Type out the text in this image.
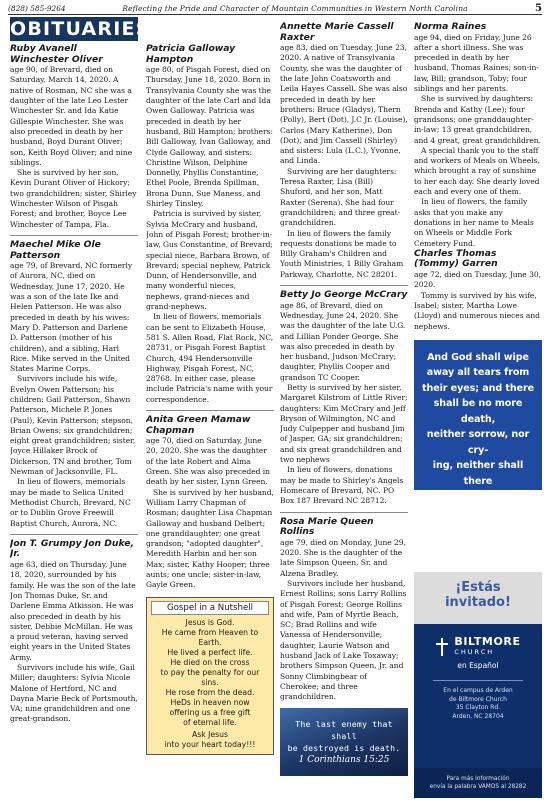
(828) 585-9264	Reflecting the Pride and Character of Mountain Communities in Western North Carolina	5
OBITUARIES
Ruby Avanell Winchester Oliver

age 90, of Brevard, died on Saturday, March 14, 2020. A native of Rosman, NC she was a daughter of the late Leo Lester Winchester Sr. and Ida Katie Gillespie Winchester. She was also preceded in death by her husband, Boyd Durant Oliver; son, Keith Boyd Oliver; and nine siblings.

She is survived by her son, Kevin Durant Oliver of Hickory; two grandchildren; sister, Shirley Winchester Wilson of Pisgah Forest; and brother, Boyce Lee Winchester of Tampa, Fla.

Maechel Mike Ole Patterson

age 79, of Brevard, NC formerly of Aurora, NC, died on Wednesday, June 17, 2020. He was a son of the late Ike and Helen Patterson. He was also preceded in death by his wives: Mary D. Patterson and Darlene D. Patterson (mother of his children), and a sibling, Harl Rice. Mike served in the United States Marine Corps.

Survivors include his wife, Evelyn Owen Patterson; his children: Gail Patterson, Shawn Patterson, Michele P. Jones (Paul), Kevin Patterson; stepson, Brian Owens; six grandchildren; eight great grandchildren; sister, Joyce Hillaker Brock of Dickerson, TN and brother, Tom Newman of Jacksonville, FL.

In lieu of flowers, memorials may be made to Selica United Methodist Church, Brevard, NC or to Dublin Grove Freewill Baptist Church, Aurora, NC.

Jon T. Grumpy Jon Duke, Jr.

age 63, died on Thursday, June 18, 2020, surrounded by his family. He was the son of the late Jon Thomas Duke, Sr. and Darlene Emma Atkisson. He was also preceded in death by his sister, Debbie McMillan. He was a proud veteran, having served eight years in the United States Army.

Survivors include his wife, Gail Miller; daughters: Sylvia Nicole Malone of Hertford, NC and Dayna Marie Beck of Portsmouth, VA; nine grandchildren and one great-grandson.

Patricia Galloway Hampton

age 80, of Pisgah Forest, died on Thursday, June 18, 2020. Born in Transylvania County she was the daughter of the late Carl and Ida Owen Galloway. Patricia was preceded in death by her husband, Bill Hampton; brothers: Bill Galloway, Ivan Galloway, and Clyde Galloway, and sisters: Christine Wilson, Delphine Donnelly, Phyllis Constantine, Ethel Poole, Brenda Spillman, Brona Dunn, Sue Maness, and Shirley Tinsley.

Patricia is survived by sister, Sylvia McCrary and husband, John of Pisgah Forest; brother-in-law, Gus Constantine, of Brevard; special niece, Barbara Brown, of Brevard; special nephew, Patrick Dunn, of Hendersonville, and many wonderful nieces, nephews, grand-nieces and grand-nephews.

In lieu of flowers, memorials can be sent to Elizabeth House, 581 S. Allen Road, Flat Rock, NC, 28731, or Pisgah Forest Baptist Church, 494 Hendersonville Highway, Pisgah Forest, NC, 28768. In either case, please include Patricia's name with your correspondence.

Anita Green Mamaw Chapman

age 70, died on Saturday, June 20, 2020. She was the daughter of the late Robert and Alma Green. She was also preceded in death by her sister, Lynn Green.

She is survived by her husband, William Larry Chapman of Rosman; daughter Lisa Chapman Galloway and husband Delbert; one granddaughter; one great grandson; "adopted daughter", Meredith Harbin and her son Max; sister, Kathy Hooper; three aunts; one uncle; sister-in-law, Gayle Green.

Gospel in a Nutshell
Jesus is God.
He came from Heaven to Earth.
He lived a perfect life.
He died on the cross
to pay the penalty for our sins.
He rose from the dead.
HeDs in heaven now
offering us a free gift
of eternal life.
Ask Jesus
into your heart today!!!
Annette Marie Cassell Raxter

age 83, died on Tuesday, June 23, 2020. A native of Transylvania County, she was the daughter of the late John Coatsworth and Leila Hayes Cassell. She was also preceded in death by her brothers: Bruce (Gladys), Thern (Polly), Bert (Dot), J.C Jr. (Louise), Carlos (Mary Katherine), Don (Dot), and Jim Cassell (Shirley) and sisters: Lula (L.C.), Yvonne, and Linda.

Surviving are her daughters: Teresa Raxter, Lisa (Bill) Shuford, and her son, Matt Raxter (Serena). She had four grandchildren; and three great-grandchildren.

In lieu of flowers the family requests donations be made to Billy Graham's Children and Youth Ministries, 1 Billy Graham Parkway, Charlotte, NC 28201.

Betty Jo George McCrary

age 86, of Brevard, died on Wednesday, June 24, 2020. She was the daughter of the late U.G. and Lillian Ponder George. She was also preceded in death by her husband, Judson McCrary; daughter, Phyllis Cooper and grandson TC Cooper.

Betty is survived by her sister, Margaret Kilstrom of Little River; daughters: Kim McCrary and Jeff Bryson of Wilmington, NC and Judy Culpepper and husband Jim of Jasper, GA; six grandchildren; and six great grandchildren and two nephews

In lieu of flowers, donations may be made to Shirley's Angels Homecare of Brevard, NC. PO Box 187 Brevard NC 28712.

Rosa Marie Queen Rollins

age 79, died on Monday, June 29, 2020. She is the daughter of the late Simpson Queen, Sr. and Alzena Bradley.

Survivors include her husband, Ernest Rollins; sons Larry Rollins of Pisgah Forest; George Rollins and wife, Pam of Myrtle Beach, SC; Brad Rollins and wife Vanessa of Hendersonville; daughter, Laurie Watson and husband Jack of Lake Toxaway; brothers Simpson Queen, Jr. and Sonny Climbingbear of Cherokee; and three grandchildren.

The last enemy that shall
be destroyed is death.
1 Corinthians 15:25
Norma Raines

age 94, died on Friday, June 26 after a short illness. She was preceded in death by her husband, Thomas Raines; son-in-law, Bill; grandson, Toby; four siblings and her parents.

She is survived by daughters: Brenda and Kathy (Lee); four grandsons; one granddaughter-in-law; 13 great grandchildren, and 4 great, great grandchildren.

A special thank you to the staff and workers of Meals on Wheels, which brought a ray of sunshine to her each day. She dearly loved each and every one of them.

In lieu of flowers, the family asks that you make any donations in her name to Meals on Wheels or Middle Fork Cemetery Fund.

Charles Thomas (Tommy) Garren

age 72, died on Tuesday, June 30, 2020.

Tommy is survived by his wife, Isabel; sister, Martha Lowe (Lloyd) and numerous nieces and nephews.

And God shall wipe
away all tears from
their eyes; and there
shall be no more death,
neither sorrow, nor cry-
ing, neither shall there
be any more pain: for
the former things are
passed away.
Revelation 21:4 KJV
¡Estás
invitado!
BILTMORE
CHURCH
en Español
En el campus de Arden
de Biltmore Church
35 Clayton Rd.
Arden, NC 28704
Para más información
envía la palabra VAMOS al 28282
